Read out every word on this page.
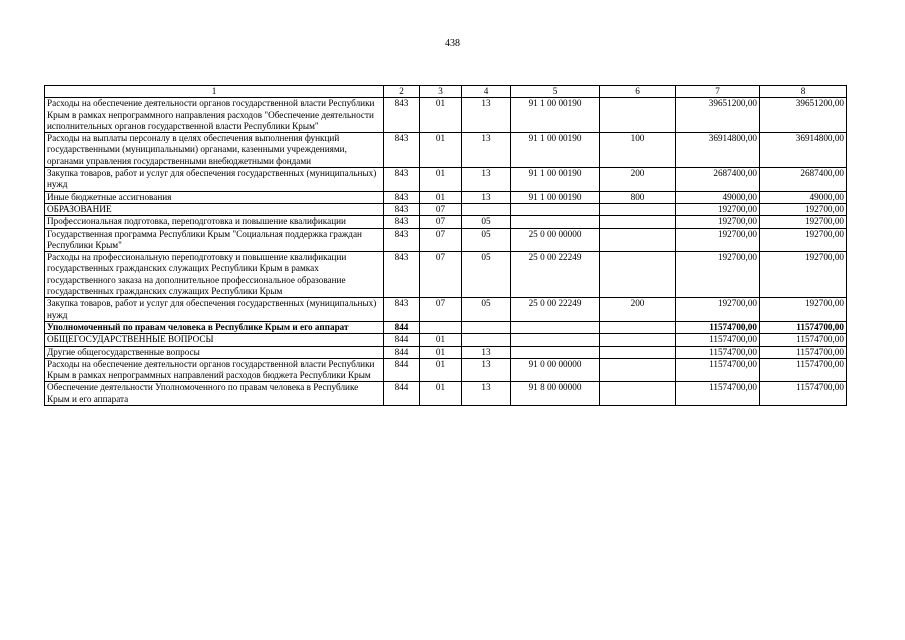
438
1	2	3	4	5	6	7	8
Расходы на обеспечение деятельности органов государственной власти Республики Крым в рамках непрограммного направления расходов "Обеспечение деятельности исполнительных органов государственной власти Республики Крым"	843	01	13	91 1 00 00190		39651200,00	39651200,00
Расходы на выплаты персоналу в целях обеспечения выполнения функций государственными (муниципальными) органами, казенными учреждениями, органами управления государственными внебюджетными фондами	843	01	13	91 1 00 00190	100	36914800,00	36914800,00
Закупка товаров, работ и услуг для обеспечения государственных (муниципальных) нужд	843	01	13	91 1 00 00190	200	2687400,00	2687400,00
Иные бюджетные ассигнования	843	01	13	91 1 00 00190	800	49000,00	49000,00
ОБРАЗОВАНИЕ	843	07				192700,00	192700,00
Профессиональная подготовка, переподготовка и повышение квалификации	843	07	05			192700,00	192700,00
Государственная программа Республики Крым "Социальная поддержка граждан Республики Крым"	843	07	05	25 0 00 00000		192700,00	192700,00
Расходы на профессиональную переподготовку и повышение квалификации государственных гражданских служащих Республики Крым в рамках государственного заказа на дополнительное профессиональное образование государственных гражданских служащих Республики Крым	843	07	05	25 0 00 22249		192700,00	192700,00
Закупка товаров, работ и услуг для обеспечения государственных (муниципальных) нужд	843	07	05	25 0 00 22249	200	192700,00	192700,00
Уполномоченный по правам человека в Республике Крым и его аппарат	844					11574700,00	11574700,00
ОБЩЕГОСУДАРСТВЕННЫЕ ВОПРОСЫ	844	01				11574700,00	11574700,00
Другие общегосударственные вопросы	844	01	13			11574700,00	11574700,00
Расходы на обеспечение деятельности органов государственной власти Республики Крым в рамках непрограммных направлений расходов бюджета Республики Крым	844	01	13	91 0 00 00000		11574700,00	11574700,00
Обеспечение деятельности Уполномоченного по правам человека в Республике Крым и его аппарата	844	01	13	91 8 00 00000		11574700,00	11574700,00
